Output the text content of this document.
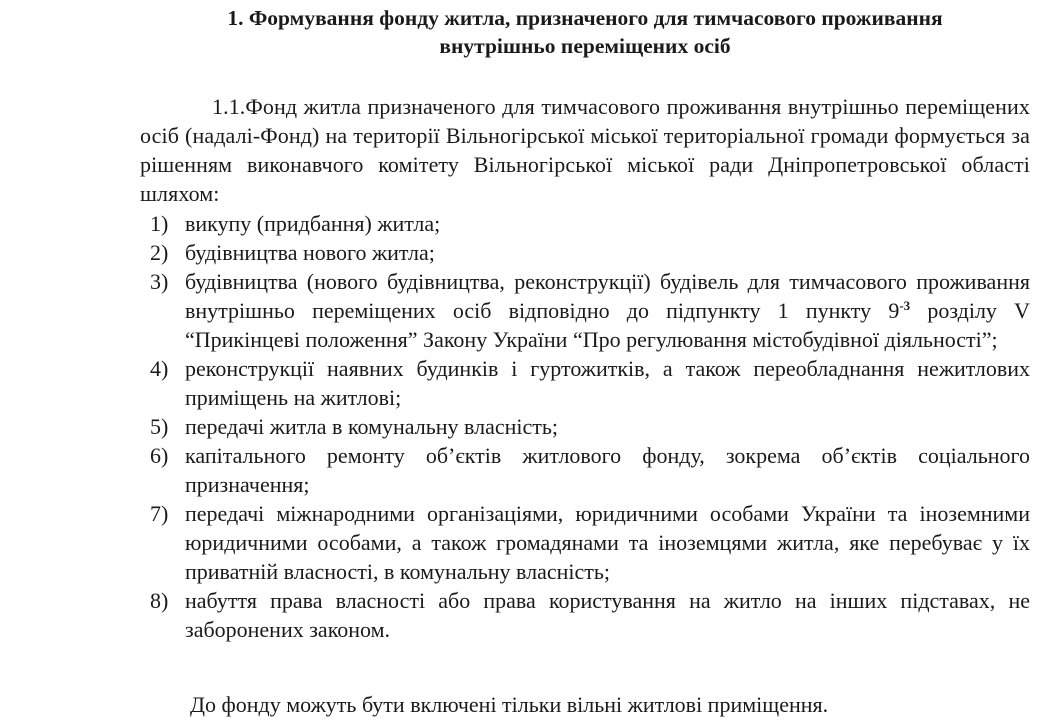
1. Формування фонду житла, призначеного для тимчасового проживання
внутрішньо переміщених осіб
1.1.Фонд житла призначеного для тимчасового проживання внутрішньо переміщених осіб (надалі-Фонд) на території Вільногірської міської територіальної громади формується за рішенням виконавчого комітету Вільногірської міської ради Дніпропетровської області шляхом:
1) викупу (придбання) житла;
2) будівництва нового житла;
3) будівництва (нового будівництва, реконструкції) будівель для тимчасового проживання внутрішньо переміщених осіб відповідно до підпункту 1 пункту $9^{-3}$ розділу V “Прикінцеві положення” Закону України “Про регулювання містобудівної діяльності”;
4) реконструкції наявних будинків і гуртожитків, а також переобладнання нежитлових приміщень на житлові;
5) передачі житла в комунальну власність;
6) капітального ремонту об’єктів житлового фонду, зокрема об’єктів соціального призначення;
7) передачі міжнародними організаціями, юридичними особами України та іноземними юридичними особами, а також громадянами та іноземцями житла, яке перебуває у їх приватній власності, в комунальну власність;
8) набуття права власності або права користування на житло на інших підставах, не заборонених законом.
До фонду можуть бути включені тільки вільні житлові приміщення.
